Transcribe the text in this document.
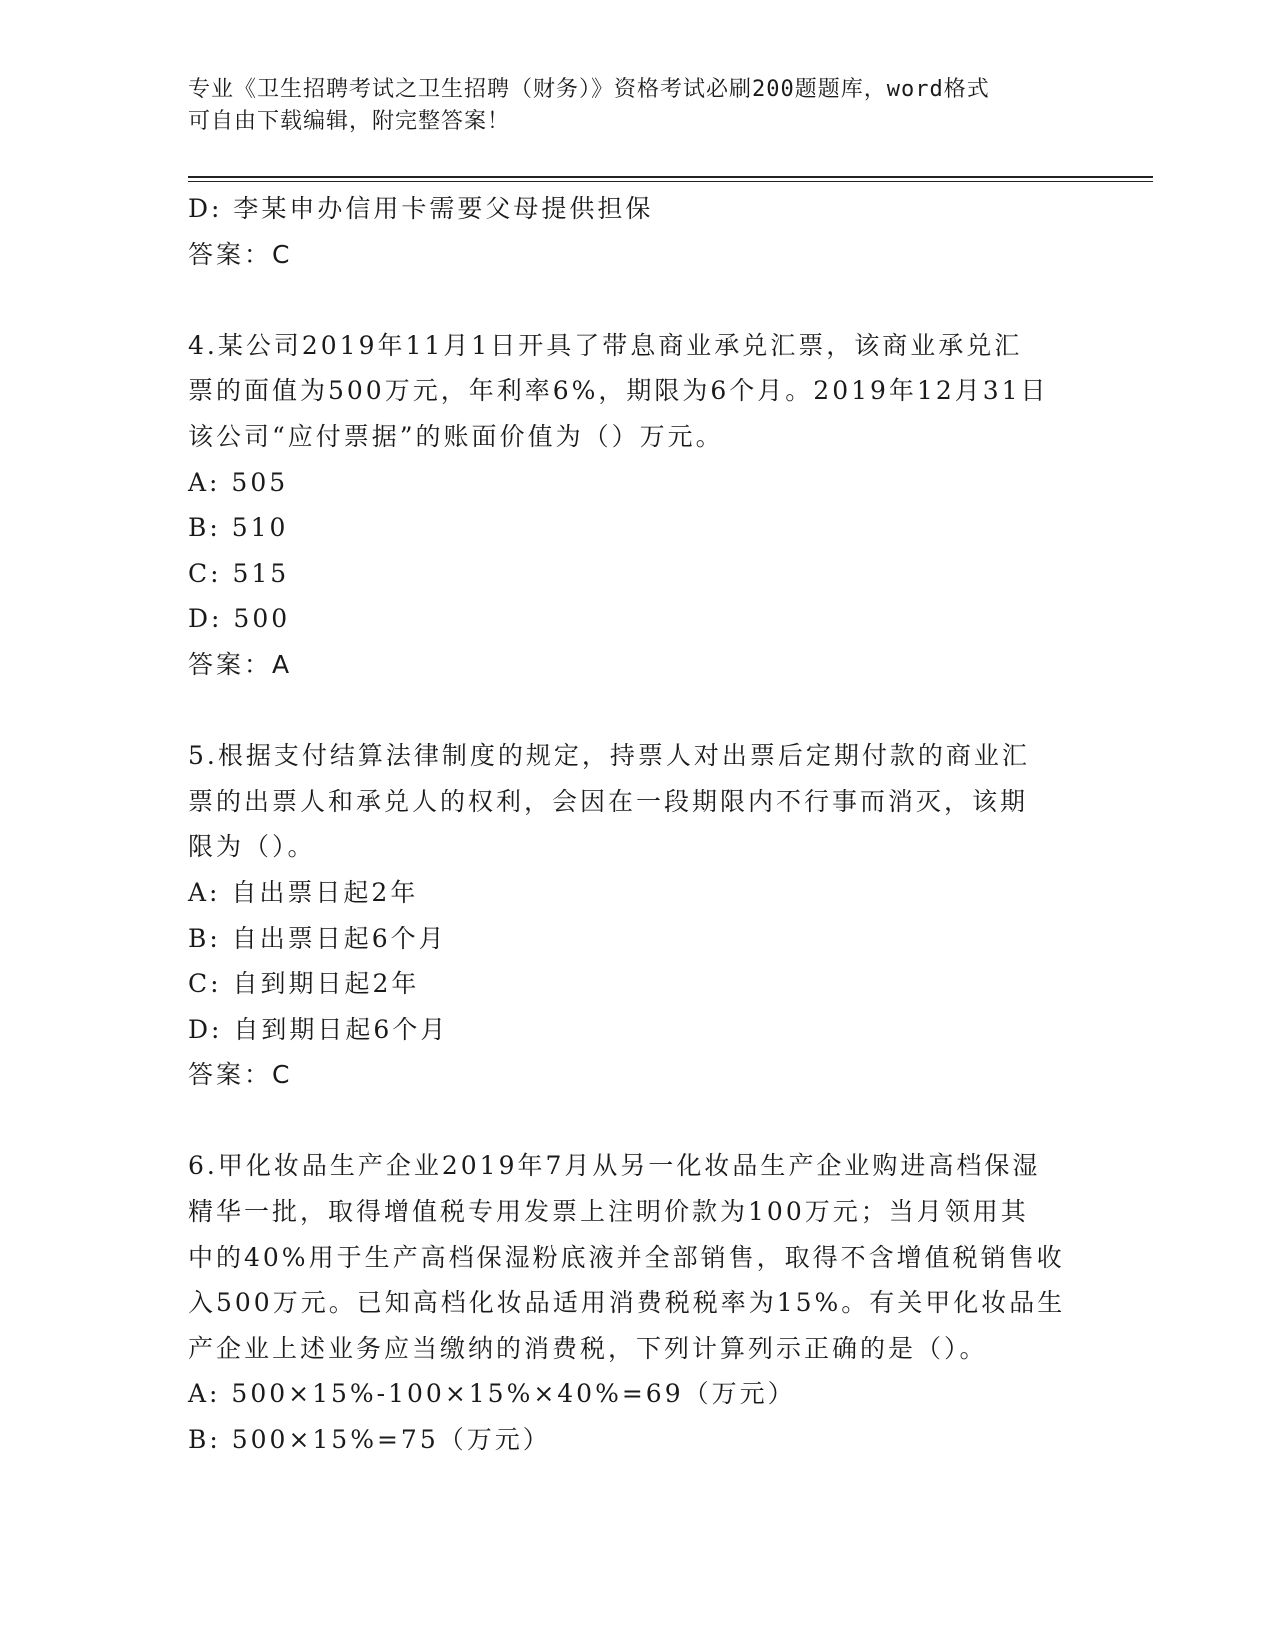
专业《卫生招聘考试之卫生招聘（财务）》资格考试必刷200题题库，word格式
可自由下载编辑，附完整答案！
D: 李某申办信用卡需要父母提供担保
答案：C
4.某公司2019年11月1日开具了带息商业承兑汇票，该商业承兑汇
票的面值为500万元，年利率6%，期限为6个月。2019年12月31日
该公司“应付票据”的账面价值为（）万元。
A: 505
B: 510
C: 515
D: 500
答案：A
5.根据支付结算法律制度的规定，持票人对出票后定期付款的商业汇
票的出票人和承兑人的权利，会因在一段期限内不行事而消灭，该期
限为（）。
A: 自出票日起2年
B: 自出票日起6个月
C: 自到期日起2年
D: 自到期日起6个月
答案：C
6.甲化妆品生产企业2019年7月从另一化妆品生产企业购进高档保湿
精华一批，取得增值税专用发票上注明价款为100万元；当月领用其
中的40%用于生产高档保湿粉底液并全部销售，取得不含增值税销售收
入500万元。已知高档化妆品适用消费税税率为15%。有关甲化妆品生
产企业上述业务应当缴纳的消费税，下列计算列示正确的是（）。
A: 500×15%-100×15%×40%=69（万元）
B: 500×15%=75（万元）
